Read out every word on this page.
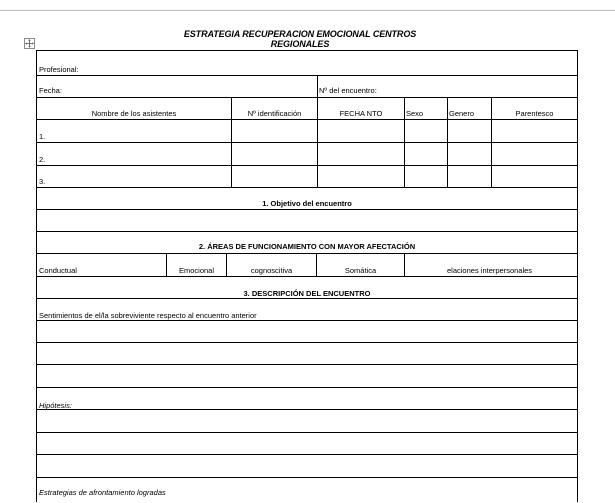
ESTRATEGIA RECUPERACION EMOCIONAL CENTROS
REGIONALES
Profesional:
Fecha:	Nº del encuentro:
Nombre de los asistentes	Nº identificación	FECHA NTO	Sexo	Genero	Parentesco
1.
2.
3.
1. Objetivo del encuentro
2. ÁREAS DE FUNCIONAMIENTO CON MAYOR AFECTACIÓN
Conductual	Emocional	cognoscitiva	Somática	elaciones interpersonales
3. DESCRIPCIÓN DEL ENCUENTRO
Sentimientos de el/la sobreviviente respecto al encuentro anterior
Hipótesis:
Estrategias de afrontamiento logradas
